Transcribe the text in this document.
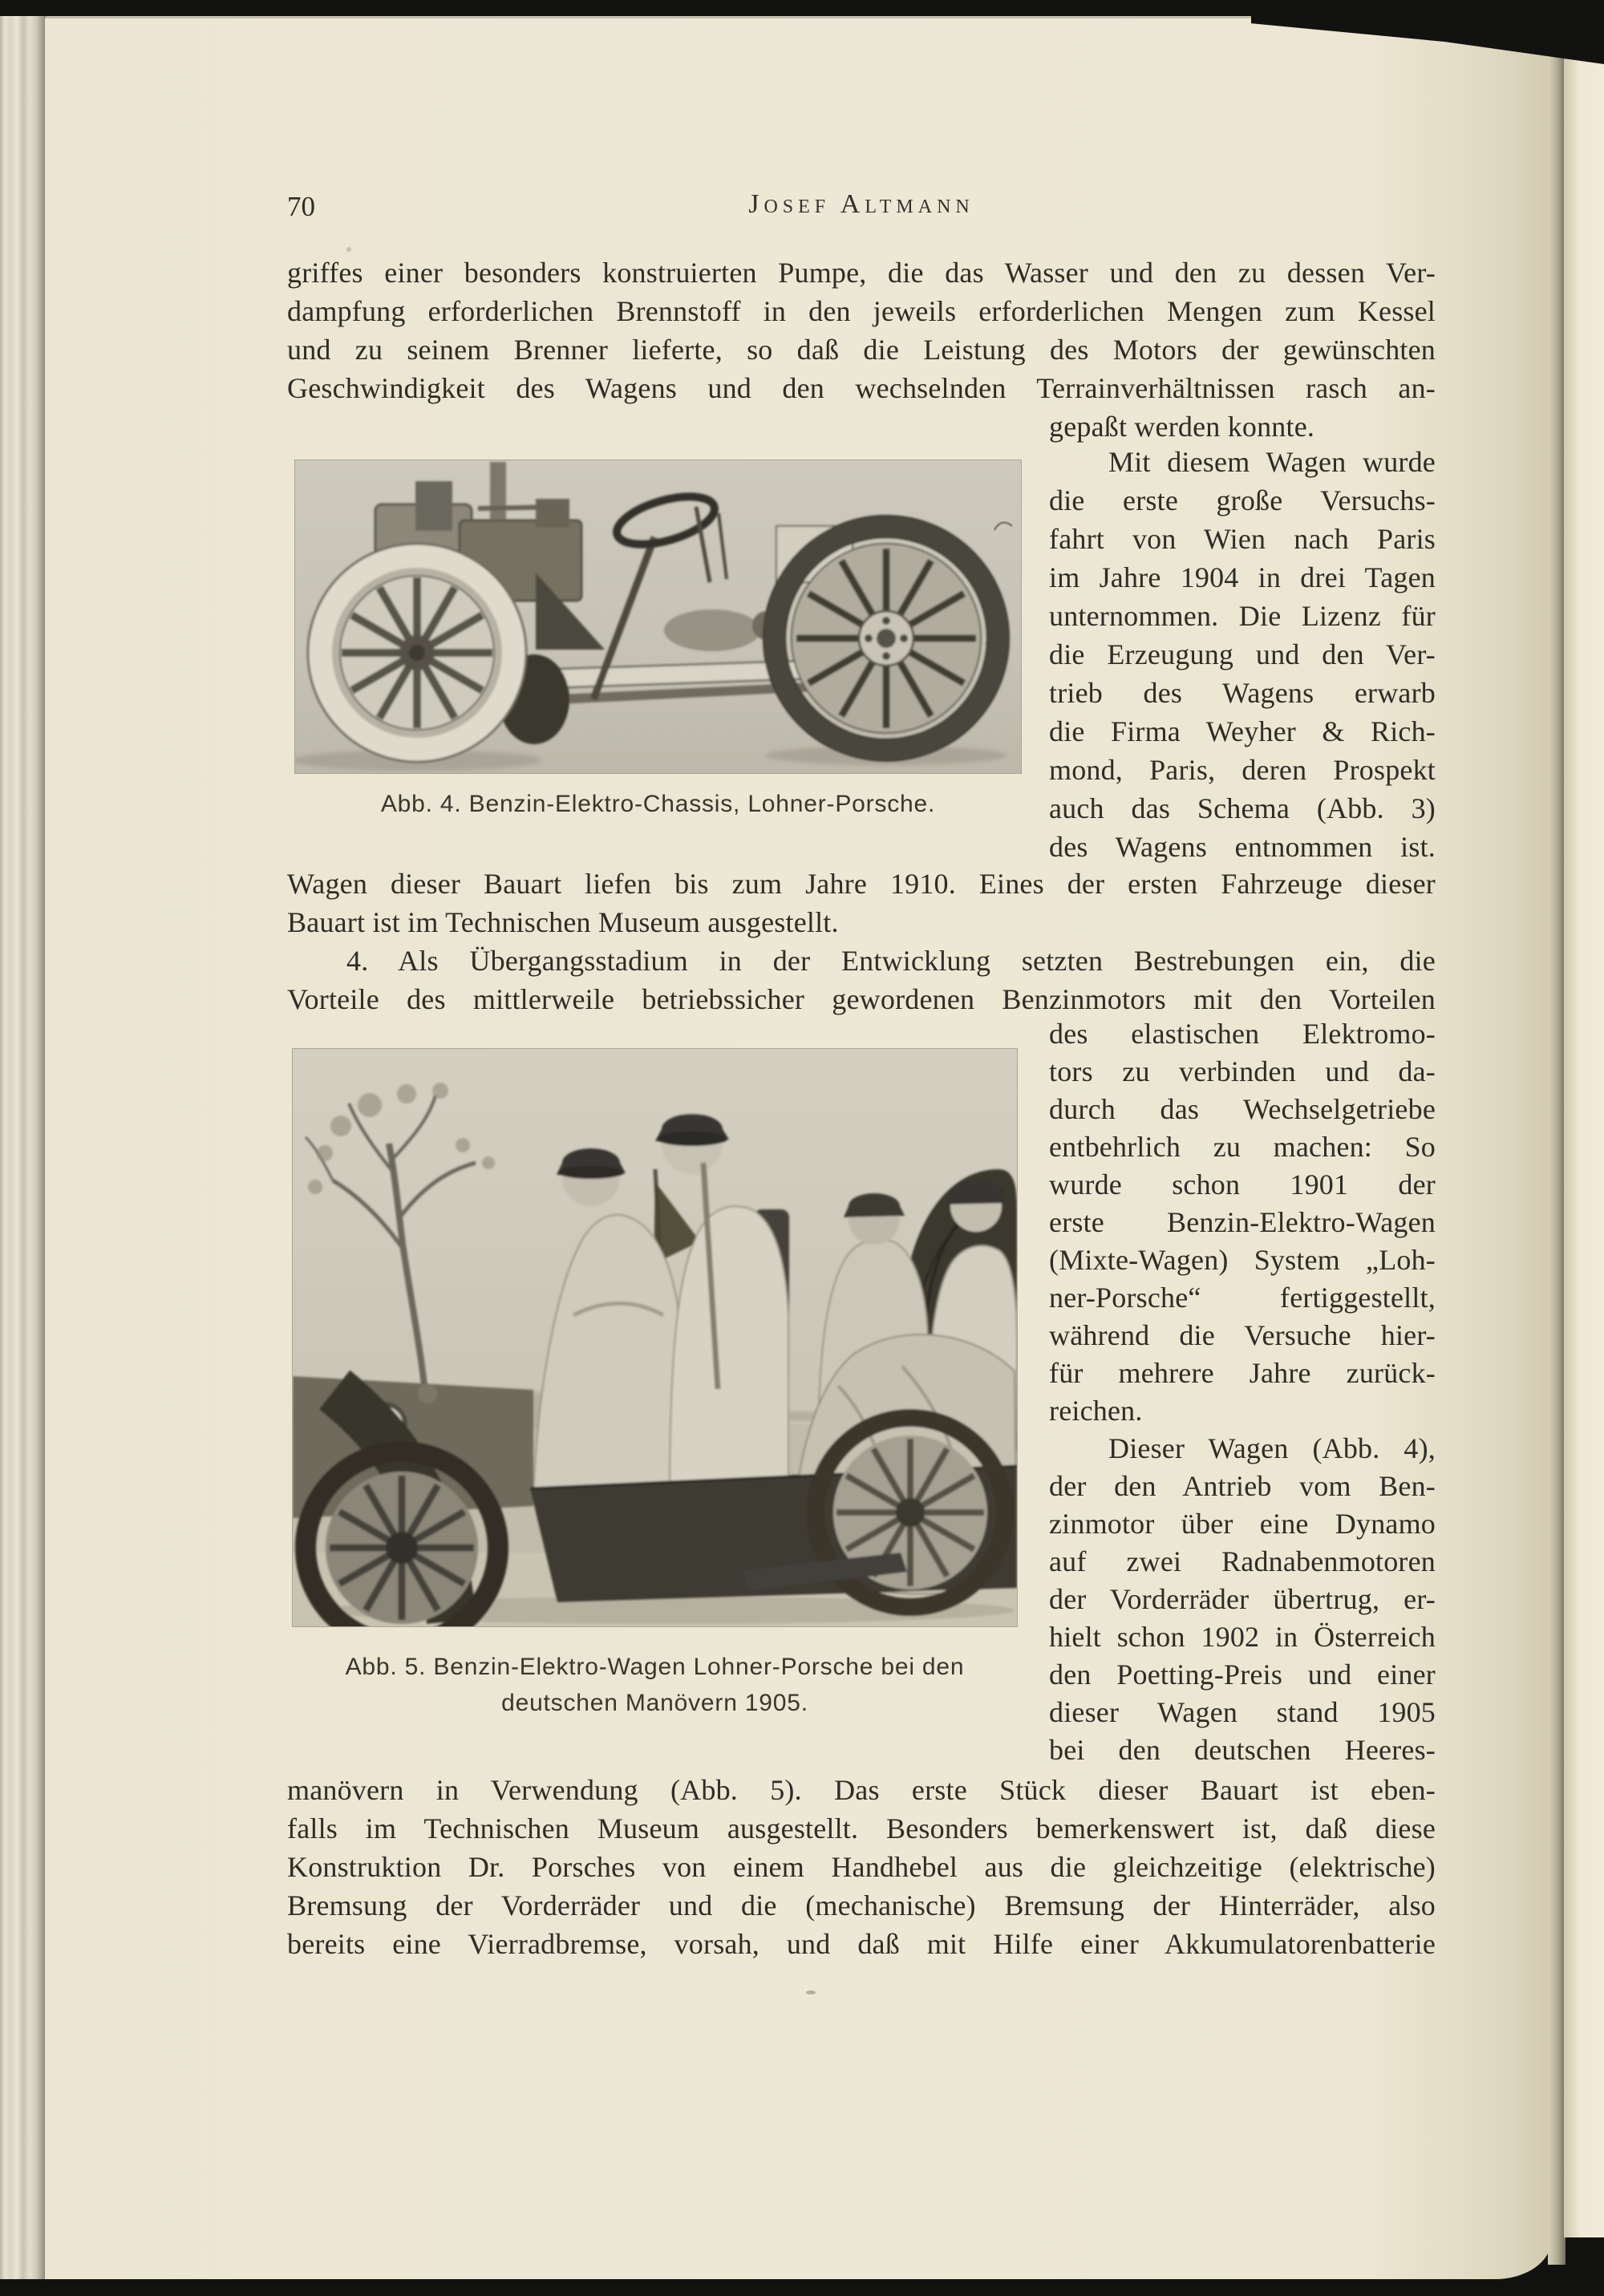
70	Josef Altmann
griffes einer besonders konstruierten Pumpe, die das Wasser und den zu dessen Ver-
dampfung erforderlichen Brennstoff in den jeweils erforderlichen Mengen zum Kessel
und zu seinem Brenner lieferte, so daß die Leistung des Motors der gewünschten
Geschwindigkeit des Wagens und den wechselnden Terrainverhältnissen rasch an-
gepaßt werden konnte.
Abb. 4. Benzin-Elektro-Chassis, Lohner-Porsche.
Mit diesem Wagen wurde
die erste große Versuchs-
fahrt von Wien nach Paris
im Jahre 1904 in drei Tagen
unternommen. Die Lizenz für
die Erzeugung und den Ver-
trieb des Wagens erwarb
die Firma Weyher & Rich-
mond, Paris, deren Prospekt
auch das Schema (Abb. 3)
des Wagens entnommen ist.
Wagen dieser Bauart liefen bis zum Jahre 1910. Eines der ersten Fahrzeuge dieser
Bauart ist im Technischen Museum ausgestellt.
4. Als Übergangsstadium in der Entwicklung setzten Bestrebungen ein, die
Vorteile des mittlerweile betriebssicher gewordenen Benzinmotors mit den Vorteilen
Abb. 5. Benzin-Elektro-Wagen Lohner-Porsche bei den
deutschen Manövern 1905.
des elastischen Elektromo-
tors zu verbinden und da-
durch das Wechselgetriebe
entbehrlich zu machen: So
wurde schon 1901 der
erste Benzin-Elektro-Wagen
(Mixte-Wagen) System „Loh-
ner-Porsche“ fertiggestellt,
während die Versuche hier-
für mehrere Jahre zurück-
reichen.
Dieser Wagen (Abb. 4),
der den Antrieb vom Ben-
zinmotor über eine Dynamo
auf zwei Radnabenmotoren
der Vorderräder übertrug, er-
hielt schon 1902 in Österreich
den Poetting-Preis und einer
dieser Wagen stand 1905
bei den deutschen Heeres-
manövern in Verwendung (Abb. 5). Das erste Stück dieser Bauart ist eben-
falls im Technischen Museum ausgestellt. Besonders bemerkenswert ist, daß diese
Konstruktion Dr. Porsches von einem Handhebel aus die gleichzeitige (elektrische)
Bremsung der Vorderräder und die (mechanische) Bremsung der Hinterräder, also
bereits eine Vierradbremse, vorsah, und daß mit Hilfe einer Akkumulatorenbatterie
